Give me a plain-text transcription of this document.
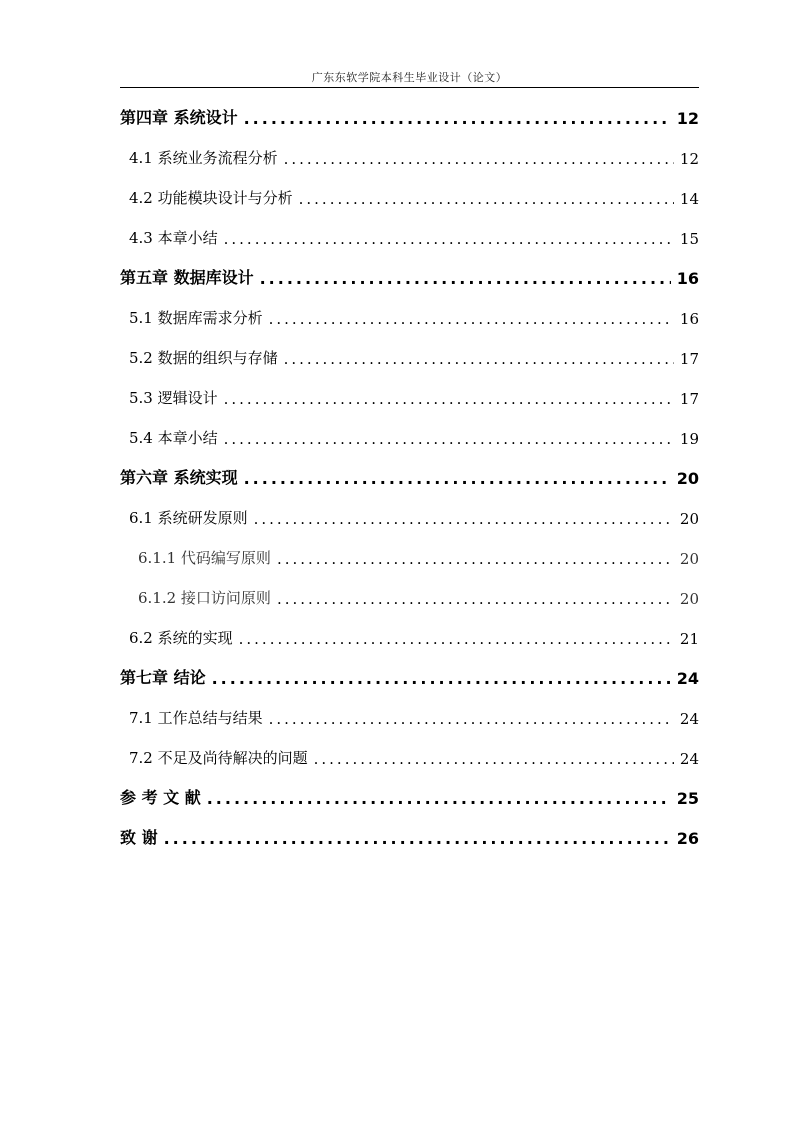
广东东软学院本科生毕业设计（论文）
第四章 系统设计 .....	12
4.1 系统业务流程分析 .....	12
4.2 功能模块设计与分析 .....	14
4.3 本章小结 .....	15
第五章 数据库设计 .....	16
5.1 数据库需求分析 .....	16
5.2 数据的组织与存储 .....	17
5.3 逻辑设计 .....	17
5.4 本章小结 .....	19
第六章 系统实现 .....	20
6.1 系统研发原则 .....	20
6.1.1 代码编写原则 .....	20
6.1.2 接口访问原则 .....	20
6.2 系统的实现 .....	21
第七章 结论 .....	24
7.1 工作总结与结果 .....	24
7.2 不足及尚待解决的问题 .....	24
参 考 文 献 .....	25
致 谢 .....	26
